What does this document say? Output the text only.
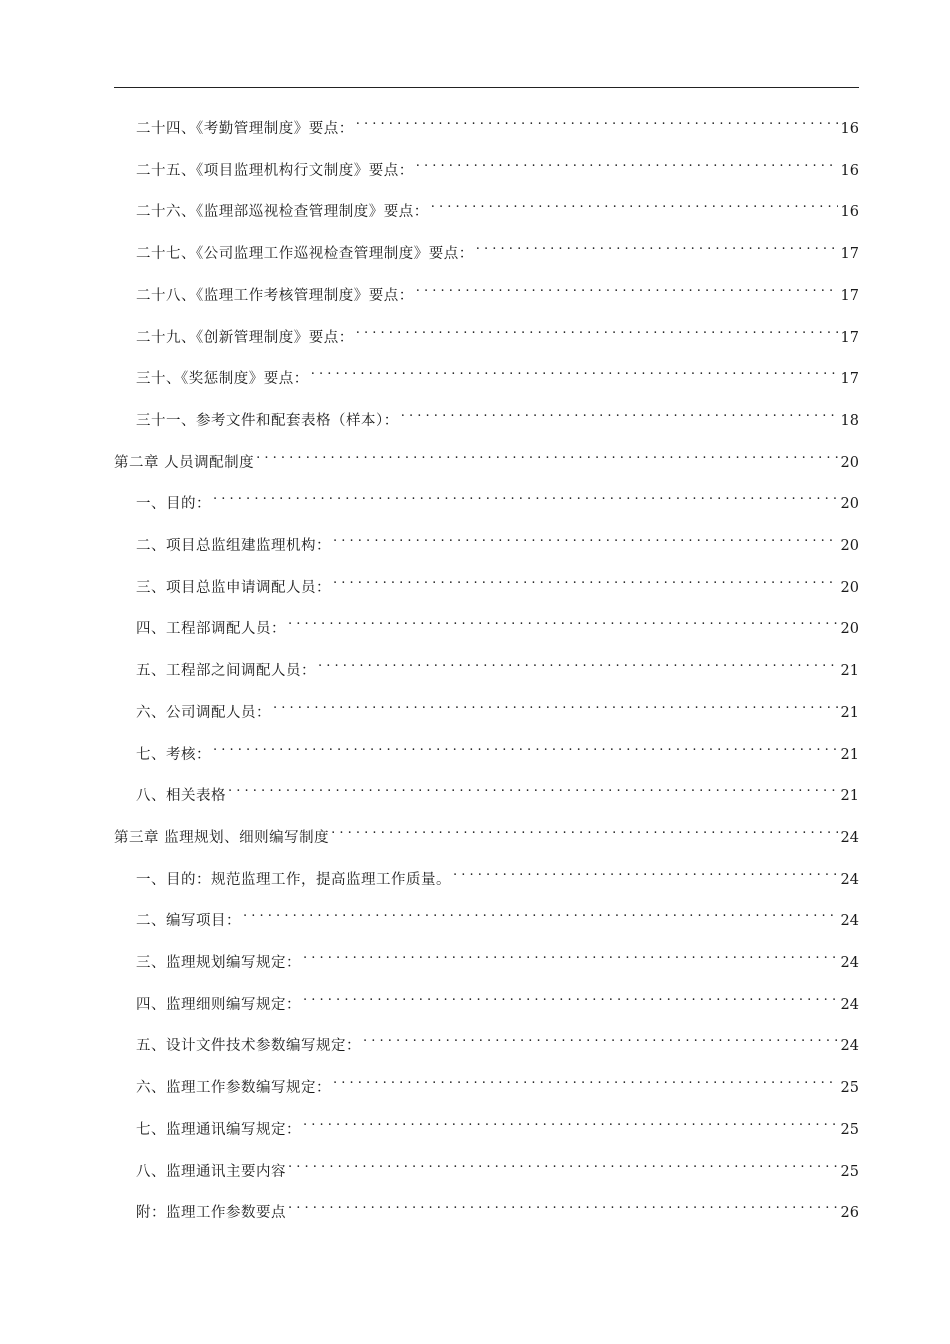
二十四、《考勤管理制度》要点： . . .	16
二十五、《项目监理机构行文制度》要点： . . .	16
二十六、《监理部巡视检查管理制度》要点： . . .	16
二十七、《公司监理工作巡视检查管理制度》要点： . . .	17
二十八、《监理工作考核管理制度》要点： . . .	17
二十九、《创新管理制度》要点： . . .	17
三十、《奖惩制度》要点： . . .	17
三十一、参考文件和配套表格（样本）： . . .	18
第二章 人员调配制度 . . .	20
一、目的： . . .	20
二、项目总监组建监理机构： . . .	20
三、项目总监申请调配人员： . . .	20
四、工程部调配人员： . . .	20
五、工程部之间调配人员： . . .	21
六、公司调配人员： . . .	21
七、考核： . . .	21
八、相关表格 . . .	21
第三章 监理规划、细则编写制度 . . .	24
一、目的：规范监理工作，提高监理工作质量。 . . .	24
二、编写项目： . . .	24
三、监理规划编写规定： . . .	24
四、监理细则编写规定： . . .	24
五、设计文件技术参数编写规定： . . .	24
六、监理工作参数编写规定： . . .	25
七、监理通讯编写规定： . . .	25
八、监理通讯主要内容 . . .	25
附：监理工作参数要点 . . .	26
